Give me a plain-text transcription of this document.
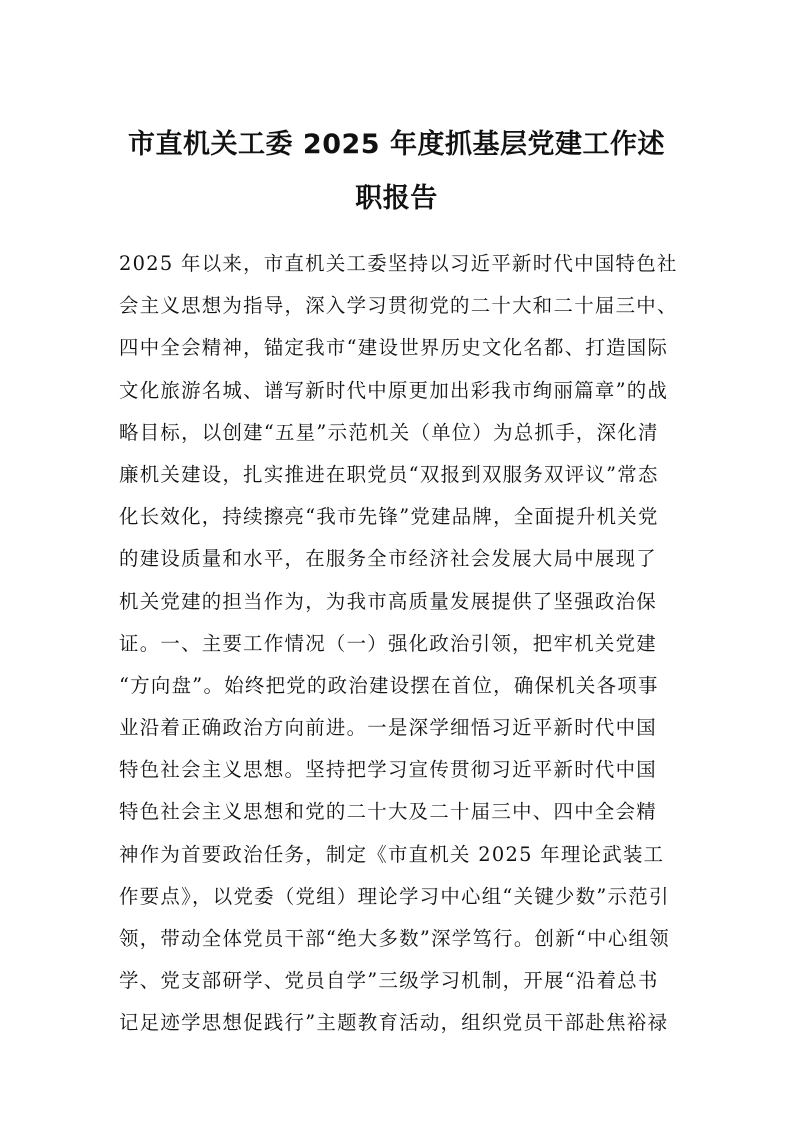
市直机关工委 2025 年度抓基层党建工作述
职报告
2025 年以来，市直机关工委坚持以习近平新时代中国特色社
会主义思想为指导，深入学习贯彻党的二十大和二十届三中、
四中全会精神，锚定我市“建设世界历史文化名都、打造国际
文化旅游名城、谱写新时代中原更加出彩我市绚丽篇章”的战
略目标，以创建“五星”示范机关（单位）为总抓手，深化清
廉机关建设，扎实推进在职党员“双报到双服务双评议”常态
化长效化，持续擦亮“我市先锋”党建品牌，全面提升机关党
的建设质量和水平，在服务全市经济社会发展大局中展现了
机关党建的担当作为，为我市高质量发展提供了坚强政治保
证。一、主要工作情况（一）强化政治引领，把牢机关党建
“方向盘”。始终把党的政治建设摆在首位，确保机关各项事
业沿着正确政治方向前进。一是深学细悟习近平新时代中国
特色社会主义思想。坚持把学习宣传贯彻习近平新时代中国
特色社会主义思想和党的二十大及二十届三中、四中全会精
神作为首要政治任务，制定《市直机关 2025 年理论武装工
作要点》，以党委（党组）理论学习中心组“关键少数”示范引
领，带动全体党员干部“绝大多数”深学笃行。创新“中心组领
学、党支部研学、党员自学”三级学习机制，开展“沿着总书
记足迹学思想促践行”主题教育活动，组织党员干部赴焦裕禄
